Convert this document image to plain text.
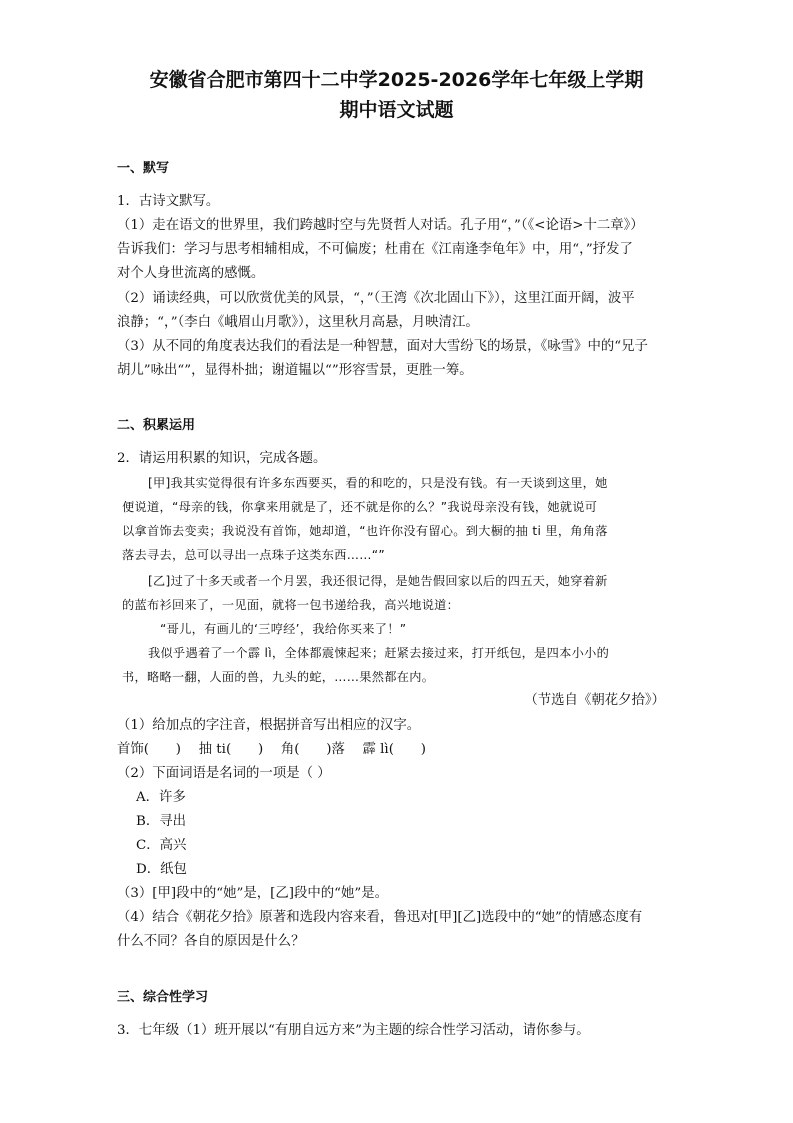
安徽省合肥市第四十二中学2025-2026学年七年级上学期
期中语文试题
一、默写
1．古诗文默写。
（1）走在语文的世界里，我们跨越时空与先贤哲人对话。孔子用“，”（《<论语>十二章》）
告诉我们：学习与思考相辅相成，不可偏废；杜甫在《江南逢李龟年》中，用“，”抒发了
对个人身世流离的感慨。
（2）诵读经典，可以欣赏优美的风景，“，”（王湾《次北固山下》），这里江面开阔，波平
浪静；“，”（李白《峨眉山月歌》），这里秋月高悬，月映清江。
（3）从不同的角度表达我们的看法是一种智慧，面对大雪纷飞的场景，《咏雪》中的“兄子
胡儿”咏出“”，显得朴拙；谢道韫以“”形容雪景，更胜一筹。
二、积累运用
2．请运用积累的知识，完成各题。
[甲]我其实觉得很有许多东西要买，看的和吃的，只是没有钱。有一天谈到这里，她
便说道，“母亲的钱，你拿来用就是了，还不就是你的么？”我说母亲没有钱，她就说可
以拿首饰去变卖；我说没有首饰，她却道，“也许你没有留心。到大橱的抽 ti 里，角角落
落去寻去，总可以寻出一点珠子这类东西……“”
[乙]过了十多天或者一个月罢，我还很记得，是她告假回家以后的四五天，她穿着新
的蓝布衫回来了，一见面，就将一包书递给我，高兴地说道：
“哥儿，有画儿的‘三哼经’，我给你买来了！”
我似乎遇着了一个霹 lì，全体都震悚起来；赶紧去接过来，打开纸包，是四本小小的
书，略略一翻，人面的兽，九头的蛇，……果然都在内。
（节选自《朝花夕拾》）
（1）给加点的字注音，根据拼音写出相应的汉字。
首饰(　　)　 抽 ti(　　)　 角(　　)落　 霹 lì(　　)
（2）下面词语是名词的一项是（ ）
A．许多
B．寻出
C．高兴
D．纸包
（3）[甲]段中的“她”是，[乙]段中的“她”是。
（4）结合《朝花夕拾》原著和选段内容来看，鲁迅对[甲][乙]选段中的“她”的情感态度有
什么不同？各自的原因是什么？
三、综合性学习
3．七年级（1）班开展以“有朋自远方来”为主题的综合性学习活动，请你参与。
